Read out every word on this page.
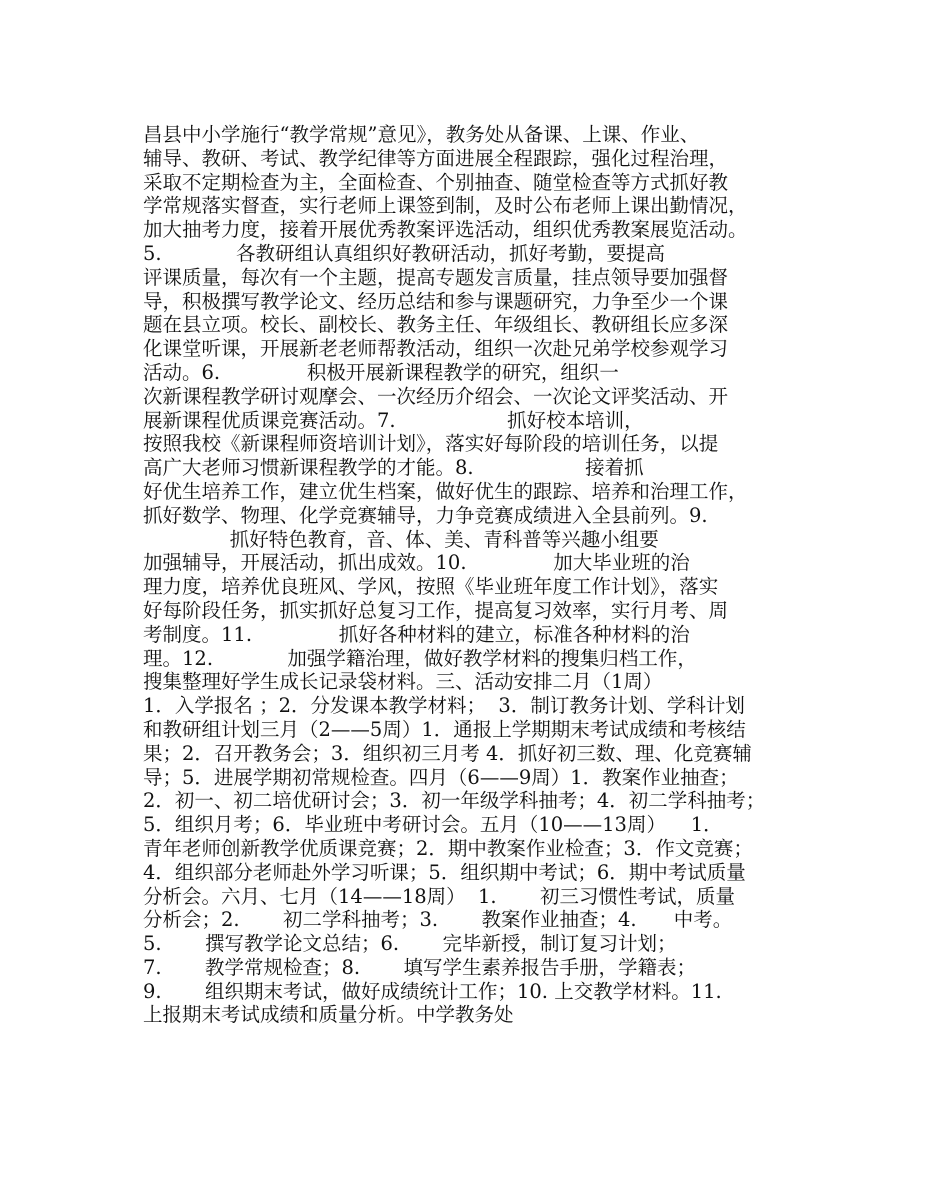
昌县中小学施行“教学常规”意见》，教务处从备课、上课、作业、
辅导、教研、考试、教学纪律等方面进展全程跟踪，强化过程治理，
采取不定期检查为主，全面检查、个别抽查、随堂检查等方式抓好教
学常规落实督查，实行老师上课签到制，及时公布老师上课出勤情况，
加大抽考力度，接着开展优秀教案评选活动，组织优秀教案展览活动。
5.            各教研组认真组织好教研活动，抓好考勤，要提高
评课质量，每次有一个主题，提高专题发言质量，挂点领导要加强督
导，积极撰写教学论文、经历总结和参与课题研究，力争至少一个课
题在县立项。校长、副校长、教务主任、年级组长、教研组长应多深
化课堂听课，开展新老老师帮教活动，组织一次赴兄弟学校参观学习
活动。6.              积极开展新课程教学的研究，组织一
次新课程教学研讨观摩会、一次经历介绍会、一次论文评奖活动、开
展新课程优质课竞赛活动。7.                  抓好校本培训，
按照我校《新课程师资培训计划》，落实好每阶段的培训任务，以提
高广大老师习惯新课程教学的才能。8.                  接着抓
好优生培养工作，建立优生档案，做好优生的跟踪、培养和治理工作，
抓好数学、物理、化学竞赛辅导，力争竞赛成绩进入全县前列。9.
抓好特色教育，音、体、美、青科普等兴趣小组要
加强辅导，开展活动，抓出成效。10.              加大毕业班的治
理力度，培养优良班风、学风，按照《毕业班年度工作计划》，落实
好每阶段任务，抓实抓好总复习工作，提高复习效率，实行月考、周
考制度。11.              抓好各种材料的建立，标准各种材料的治
理。12.            加强学籍治理，做好教学材料的搜集归档工作，
搜集整理好学生成长记录袋材料。三、活动安排二月（1周）
1．入学报名 ；2．分发课本教学材料；  3．制订教务计划、学科计划
和教研组计划三月（2——5周）1．通报上学期期末考试成绩和考核结
果；2．召开教务会；3．组织初三月考 4．抓好初三数、理、化竞赛辅
导；5．进展学期初常规检查。四月（6——9周）1．教案作业抽查；
2．初一、初二培优研讨会；3．初一年级学科抽考；4．初二学科抽考；
5．组织月考；6．毕业班中考研讨会。五月（10——13周）    1．
青年老师创新教学优质课竞赛；2．期中教案作业检查；3．作文竞赛；
4．组织部分老师赴外学习听课；5．组织期中考试；6．期中考试质量
分析会。六月、七月（14——18周）  1.       初三习惯性考试，质量
分析会；2.       初二学科抽考；3.       教案作业抽查；4.      中考。
5.       撰写教学论文总结；6.       完毕新授，制订复习计划；
7.       教学常规检查；8.       填写学生素养报告手册，学籍表；
9.       组织期末考试，做好成绩统计工作；10. 上交教学材料。11.
上报期末考试成绩和质量分析。中学教务处
